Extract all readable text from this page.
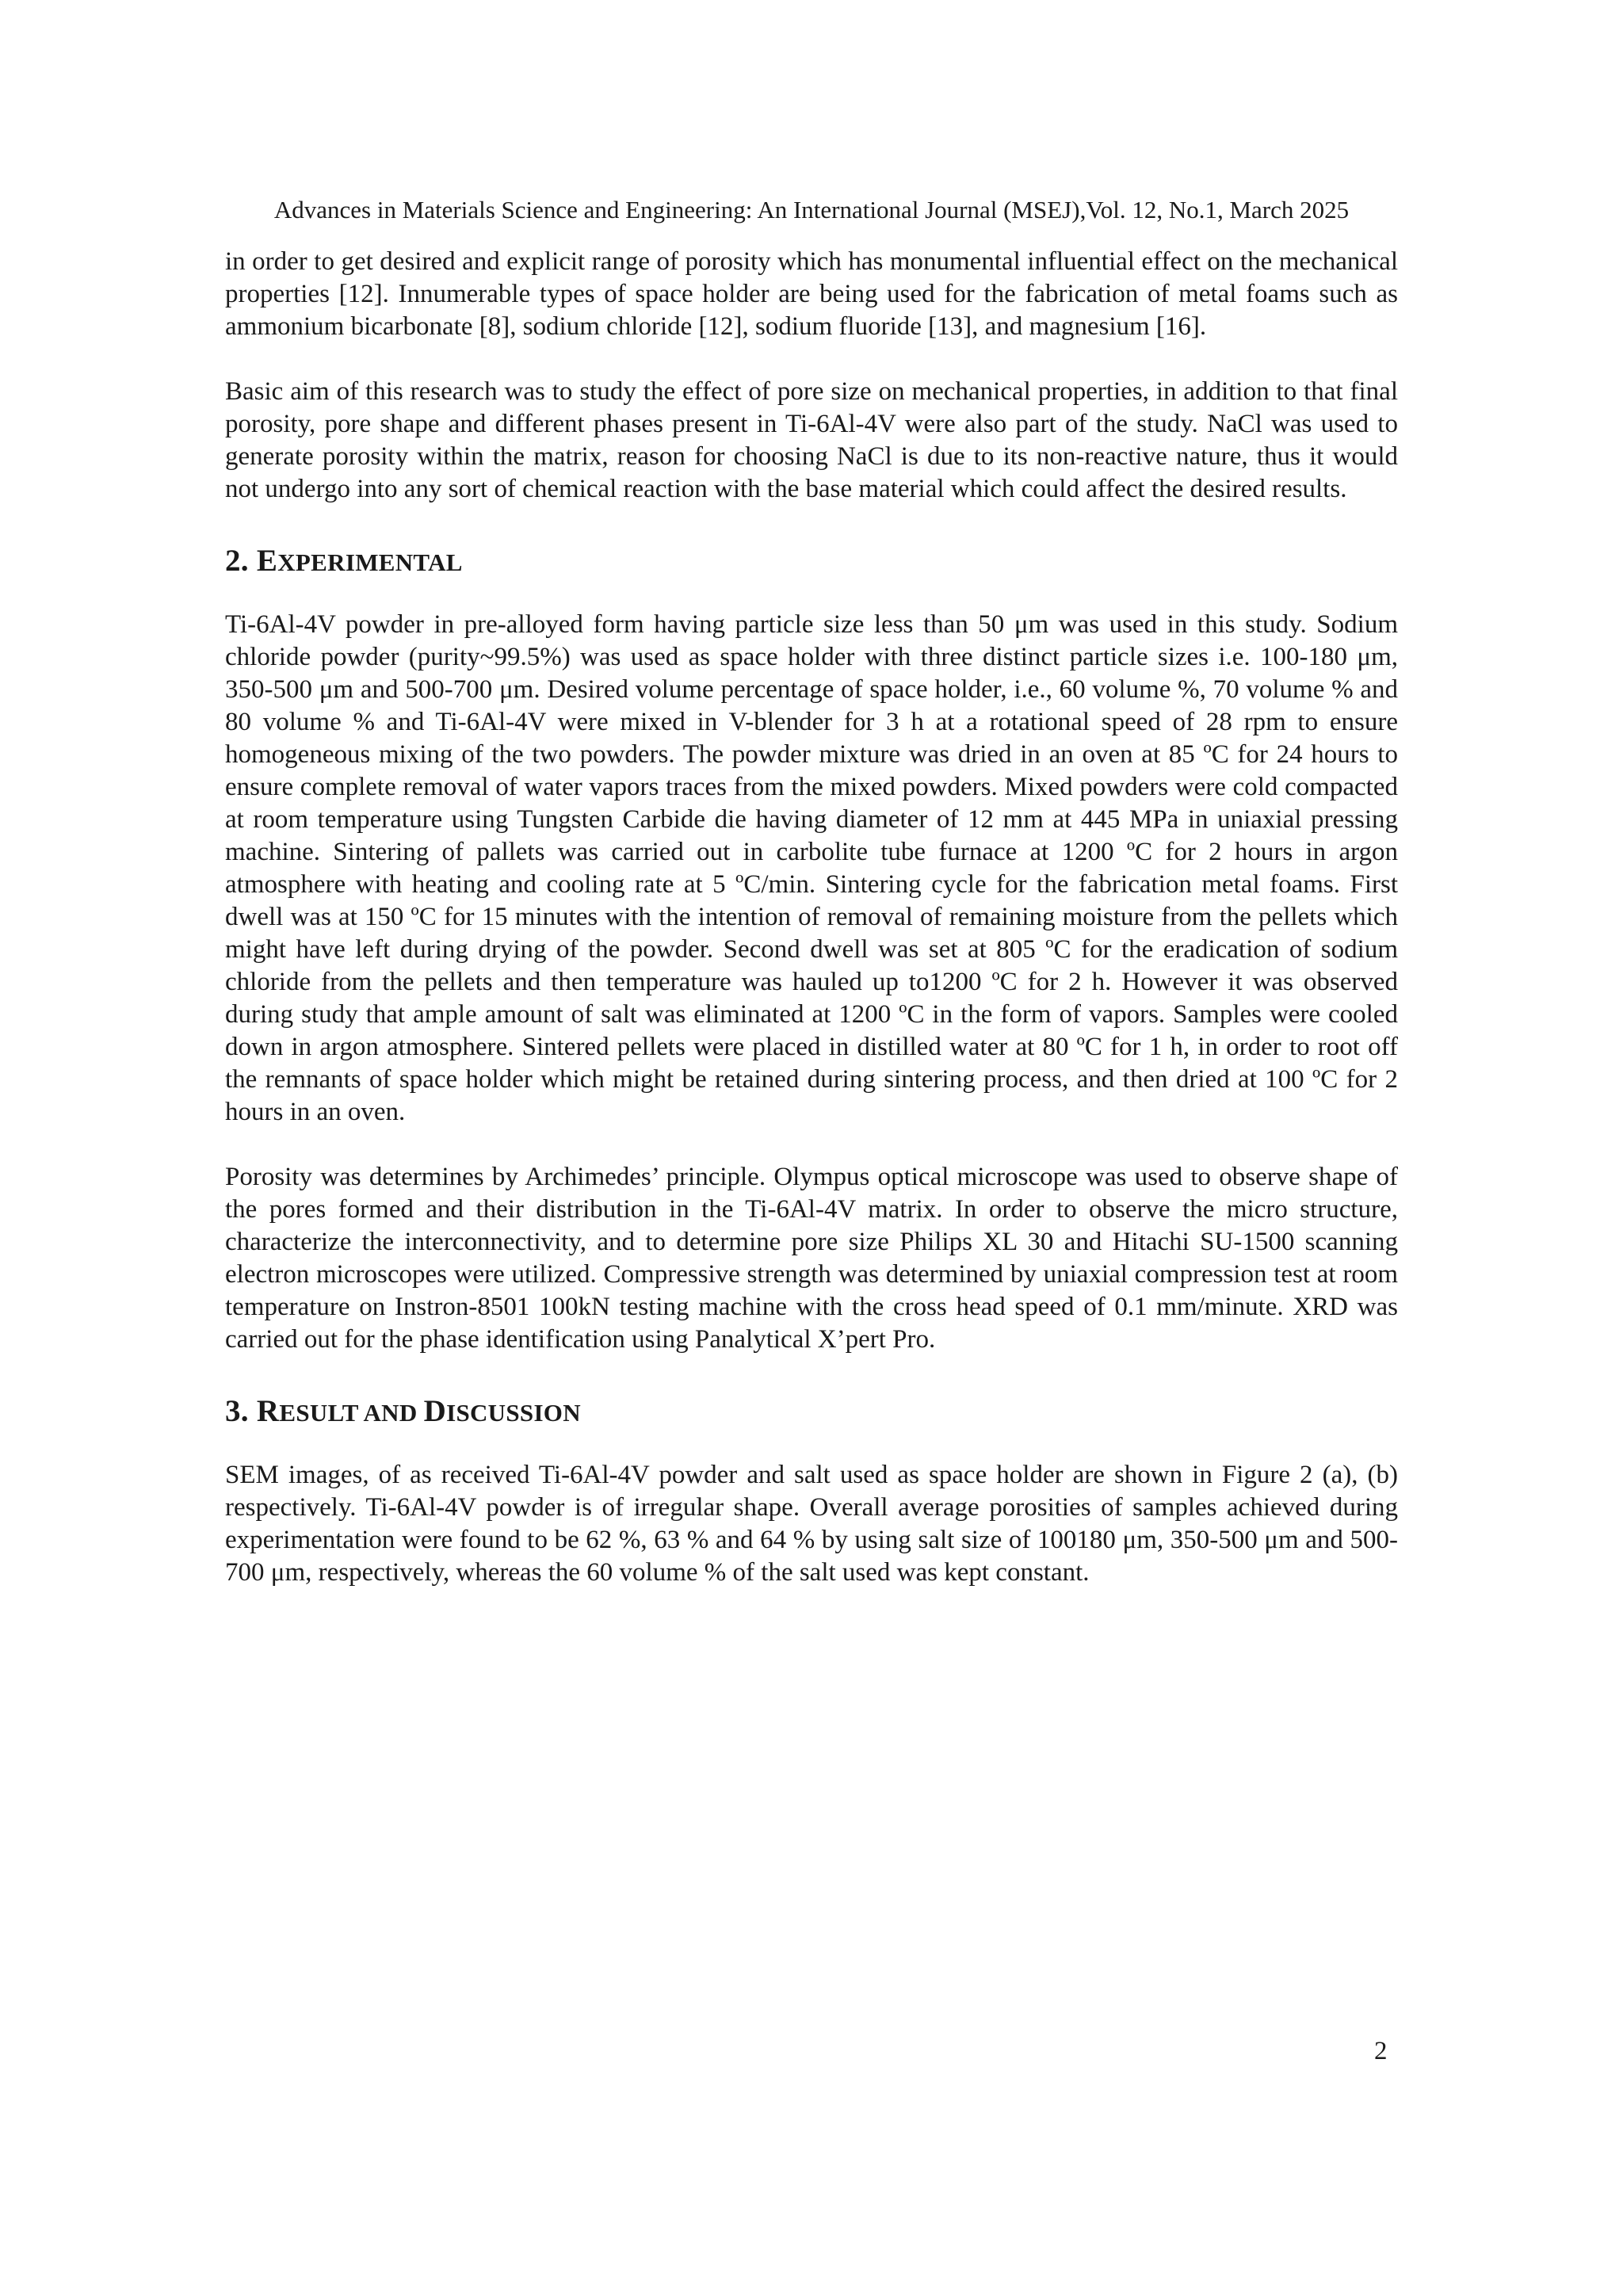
Advances in Materials Science and Engineering: An International Journal (MSEJ),Vol. 12, No.1, March 2025

in order to get desired and explicit range of porosity which has monumental influential effect on the mechanical properties [12]. Innumerable types of space holder are being used for the fabrication of metal foams such as ammonium bicarbonate [8], sodium chloride [12], sodium fluoride [13], and magnesium [16].

Basic aim of this research was to study the effect of pore size on mechanical properties, in addition to that final porosity, pore shape and different phases present in Ti-6Al-4V were also part of the study. NaCl was used to generate porosity within the matrix, reason for choosing NaCl is due to its non-reactive nature, thus it would not undergo into any sort of chemical reaction with the base material which could affect the desired results.

2. EXPERIMENTAL

Ti-6Al-4V powder in pre-alloyed form having particle size less than 50 μm was used in this study. Sodium chloride powder (purity~99.5%) was used as space holder with three distinct particle sizes i.e. 100-180 μm, 350-500 μm and 500-700 μm. Desired volume percentage of space holder, i.e., 60 volume %, 70 volume % and 80 volume % and Ti-6Al-4V were mixed in V-blender for 3 h at a rotational speed of 28 rpm to ensure homogeneous mixing of the two powders. The powder mixture was dried in an oven at 85 ºC for 24 hours to ensure complete removal of water vapors traces from the mixed powders. Mixed powders were cold compacted at room temperature using Tungsten Carbide die having diameter of 12 mm at 445 MPa in uniaxial pressing machine. Sintering of pallets was carried out in carbolite tube furnace at 1200 ºC for 2 hours in argon atmosphere with heating and cooling rate at 5 ºC/min. Sintering cycle for the fabrication metal foams. First dwell was at 150 ºC for 15 minutes with the intention of removal of remaining moisture from the pellets which might have left during drying of the powder. Second dwell was set at 805 ºC for the eradication of sodium chloride from the pellets and then temperature was hauled up to1200 ºC for 2 h. However it was observed during study that ample amount of salt was eliminated at 1200 ºC in the form of vapors. Samples were cooled down in argon atmosphere. Sintered pellets were placed in distilled water at 80 ºC for 1 h, in order to root off the remnants of space holder which might be retained during sintering process, and then dried at 100 ºC for 2 hours in an oven.

Porosity was determines by Archimedes’ principle. Olympus optical microscope was used to observe shape of the pores formed and their distribution in the Ti-6Al-4V matrix. In order to observe the micro structure, characterize the interconnectivity, and to determine pore size Philips XL 30 and Hitachi SU-1500 scanning electron microscopes were utilized. Compressive strength was determined by uniaxial compression test at room temperature on Instron-8501 100kN testing machine with the cross head speed of 0.1 mm/minute. XRD was carried out for the phase identification using Panalytical X’pert Pro.

3. RESULT AND DISCUSSION

SEM images, of as received Ti-6Al-4V powder and salt used as space holder are shown in Figure 2 (a), (b) respectively. Ti-6Al-4V powder is of irregular shape. Overall average porosities of samples achieved during experimentation were found to be 62 %, 63 % and 64 % by using salt size of 100180 μm, 350-500 μm and 500-700 μm, respectively, whereas the 60 volume % of the salt used was kept constant.

2
